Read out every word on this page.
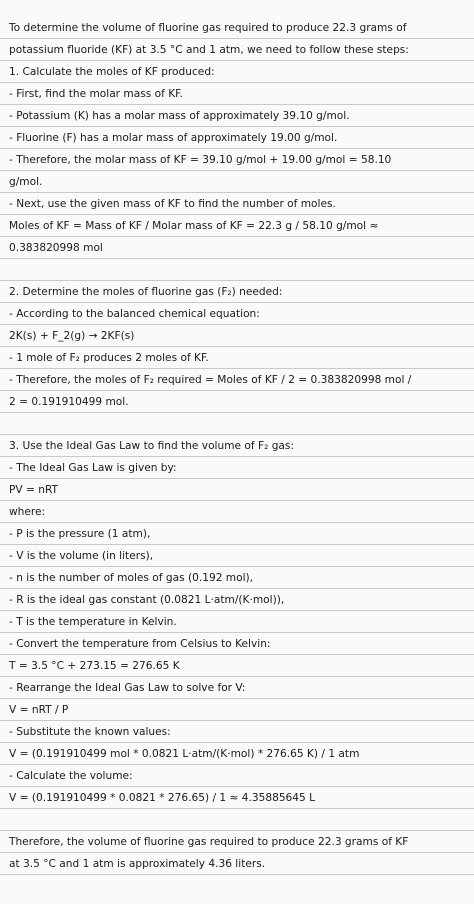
To determine the volume of fluorine gas required to produce 22.3 grams of
potassium fluoride (KF) at 3.5 °C and 1 atm, we need to follow these steps:
1. Calculate the moles of KF produced:
- First, find the molar mass of KF.
- Potassium (K) has a molar mass of approximately 39.10 g/mol.
- Fluorine (F) has a molar mass of approximately 19.00 g/mol.
- Therefore, the molar mass of KF = 39.10 g/mol + 19.00 g/mol = 58.10
g/mol.
- Next, use the given mass of KF to find the number of moles.
Moles of KF = Mass of KF / Molar mass of KF = 22.3 g / 58.10 g/mol ≈
0.383820998 mol
2. Determine the moles of fluorine gas (F₂) needed:
- According to the balanced chemical equation:
2K(s) + F_2(g) → 2KF(s)
- 1 mole of F₂ produces 2 moles of KF.
- Therefore, the moles of F₂ required = Moles of KF / 2 = 0.383820998 mol /
2 = 0.191910499 mol.
3. Use the Ideal Gas Law to find the volume of F₂ gas:
- The Ideal Gas Law is given by:
PV = nRT
where:
- P is the pressure (1 atm),
- V is the volume (in liters),
- n is the number of moles of gas (0.192 mol),
- R is the ideal gas constant (0.0821 L·atm/(K·mol)),
- T is the temperature in Kelvin.
- Convert the temperature from Celsius to Kelvin:
T = 3.5 °C + 273.15 = 276.65 K
- Rearrange the Ideal Gas Law to solve for V:
V = nRT / P
- Substitute the known values:
V = (0.191910499 mol * 0.0821 L·atm/(K·mol) * 276.65 K) / 1 atm
- Calculate the volume:
V = (0.191910499 * 0.0821 * 276.65) / 1 ≈ 4.35885645 L
Therefore, the volume of fluorine gas required to produce 22.3 grams of KF
at 3.5 °C and 1 atm is approximately 4.36 liters.
